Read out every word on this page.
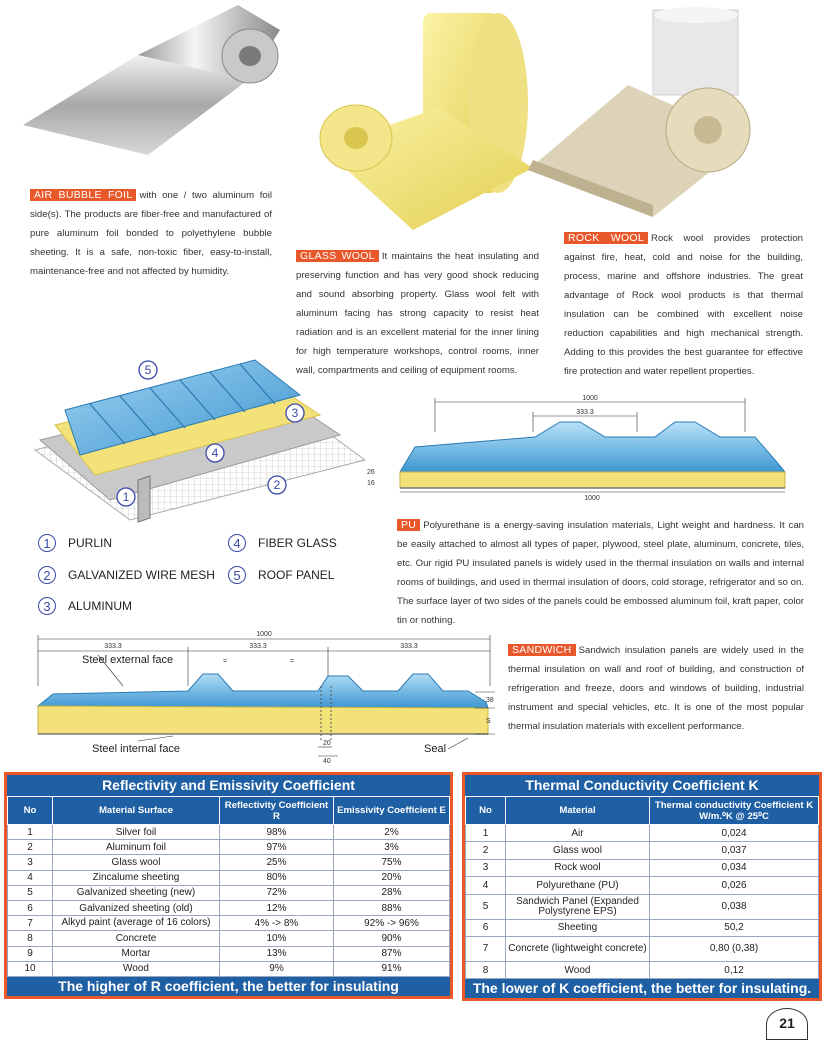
AIR BUBBLE FOIL with one / two aluminum foil side(s). The products are fiber-free and manufactured of pure aluminum foil bonded to polyethylene bubble sheeting. It is a safe, non-toxic fiber, easy-to-install, maintenance-free and not affected by humidity.
GLASS WOOL It maintains the heat insulating and preserving function and has very good shock reducing and sound absorbing property. Glass wool felt with aluminum facing has strong capacity to resist heat radiation and is an excellent material for the inner lining for high temperature workshops, control rooms, inner wall, compartments and ceiling of equipment rooms.
ROCK WOOL Rock wool provides protection against fire, heat, cold and noise for the building, process, marine and offshore industries. The great advantage of Rock wool products is that thermal insulation can be combined with excellent noise reduction capabilities and high mechanical strength. Adding to this provides the best guarantee for effective fire protection and water repellent properties.
PU Polyurethane is a energy-saving insulation materials, Light weight and hardness. It can be easily attached to almost all types of paper, plywood, steel plate, aluminum, concrete, tiles, etc. Our rigid PU insulated panels is widely used in the thermal insulation on walls and internal rooms of buildings, and used in thermal insulation of doors, cold storage, refrigerator and so on. The surface layer of two sides of the panels could be embossed aluminum foil, kraft paper, color tin or nothing.
SANDWICH Sandwich insulation panels are widely used in the thermal insulation on wall and roof of building, and construction of refrigeration and freeze, doors and windows of building, industrial instrument and special vehicles, etc. It is one of the most popular thermal insulation materials with excellent performance.
5
3
4
2
1
1	PURLIN	4	FIBER GLASS
2	GALVANIZED WIRE MESH	5	ROOF PANEL
3	ALUMINUM
1000
333.3
26
16
1000
1000
333.3	333.3	333.3
=	=
38
S
20
40
Steel external face
Steel internal face	Seal
Reflectivity and Emissivity Coefficient
No	Material Surface	Reflectivity Coefficient R	Emissivity Coefficient E
1	Silver foil	98%	2%
2	Aluminum foil	97%	3%
3	Glass wool	25%	75%
4	Zincalume sheeting	80%	20%
5	Galvanized sheeting (new)	72%	28%
6	Galvanized sheeting (old)	12%	88%
7	Alkyd paint (average of 16 colors)	4% -> 8%	92% -> 96%
8	Concrete	10%	90%
9	Mortar	13%	87%
10	Wood	9%	91%
The higher of R coefficient, the better for insulating
Thermal Conductivity Coefficient K
No	Material	Thermal conductivity Coefficient K W/m.⁰K @ 25⁰C
1	Air	0,024
2	Glass wool	0,037
3	Rock wool	0,034
4	Polyurethane (PU)	0,026
5	Sandwich Panel (Expanded Polystyrene EPS)	0,038
6	Sheeting	50,2
7	Concrete (lightweight concrete)	0,80 (0,38)
8	Wood	0,12
The lower of K coefficient, the better for insulating.
21
